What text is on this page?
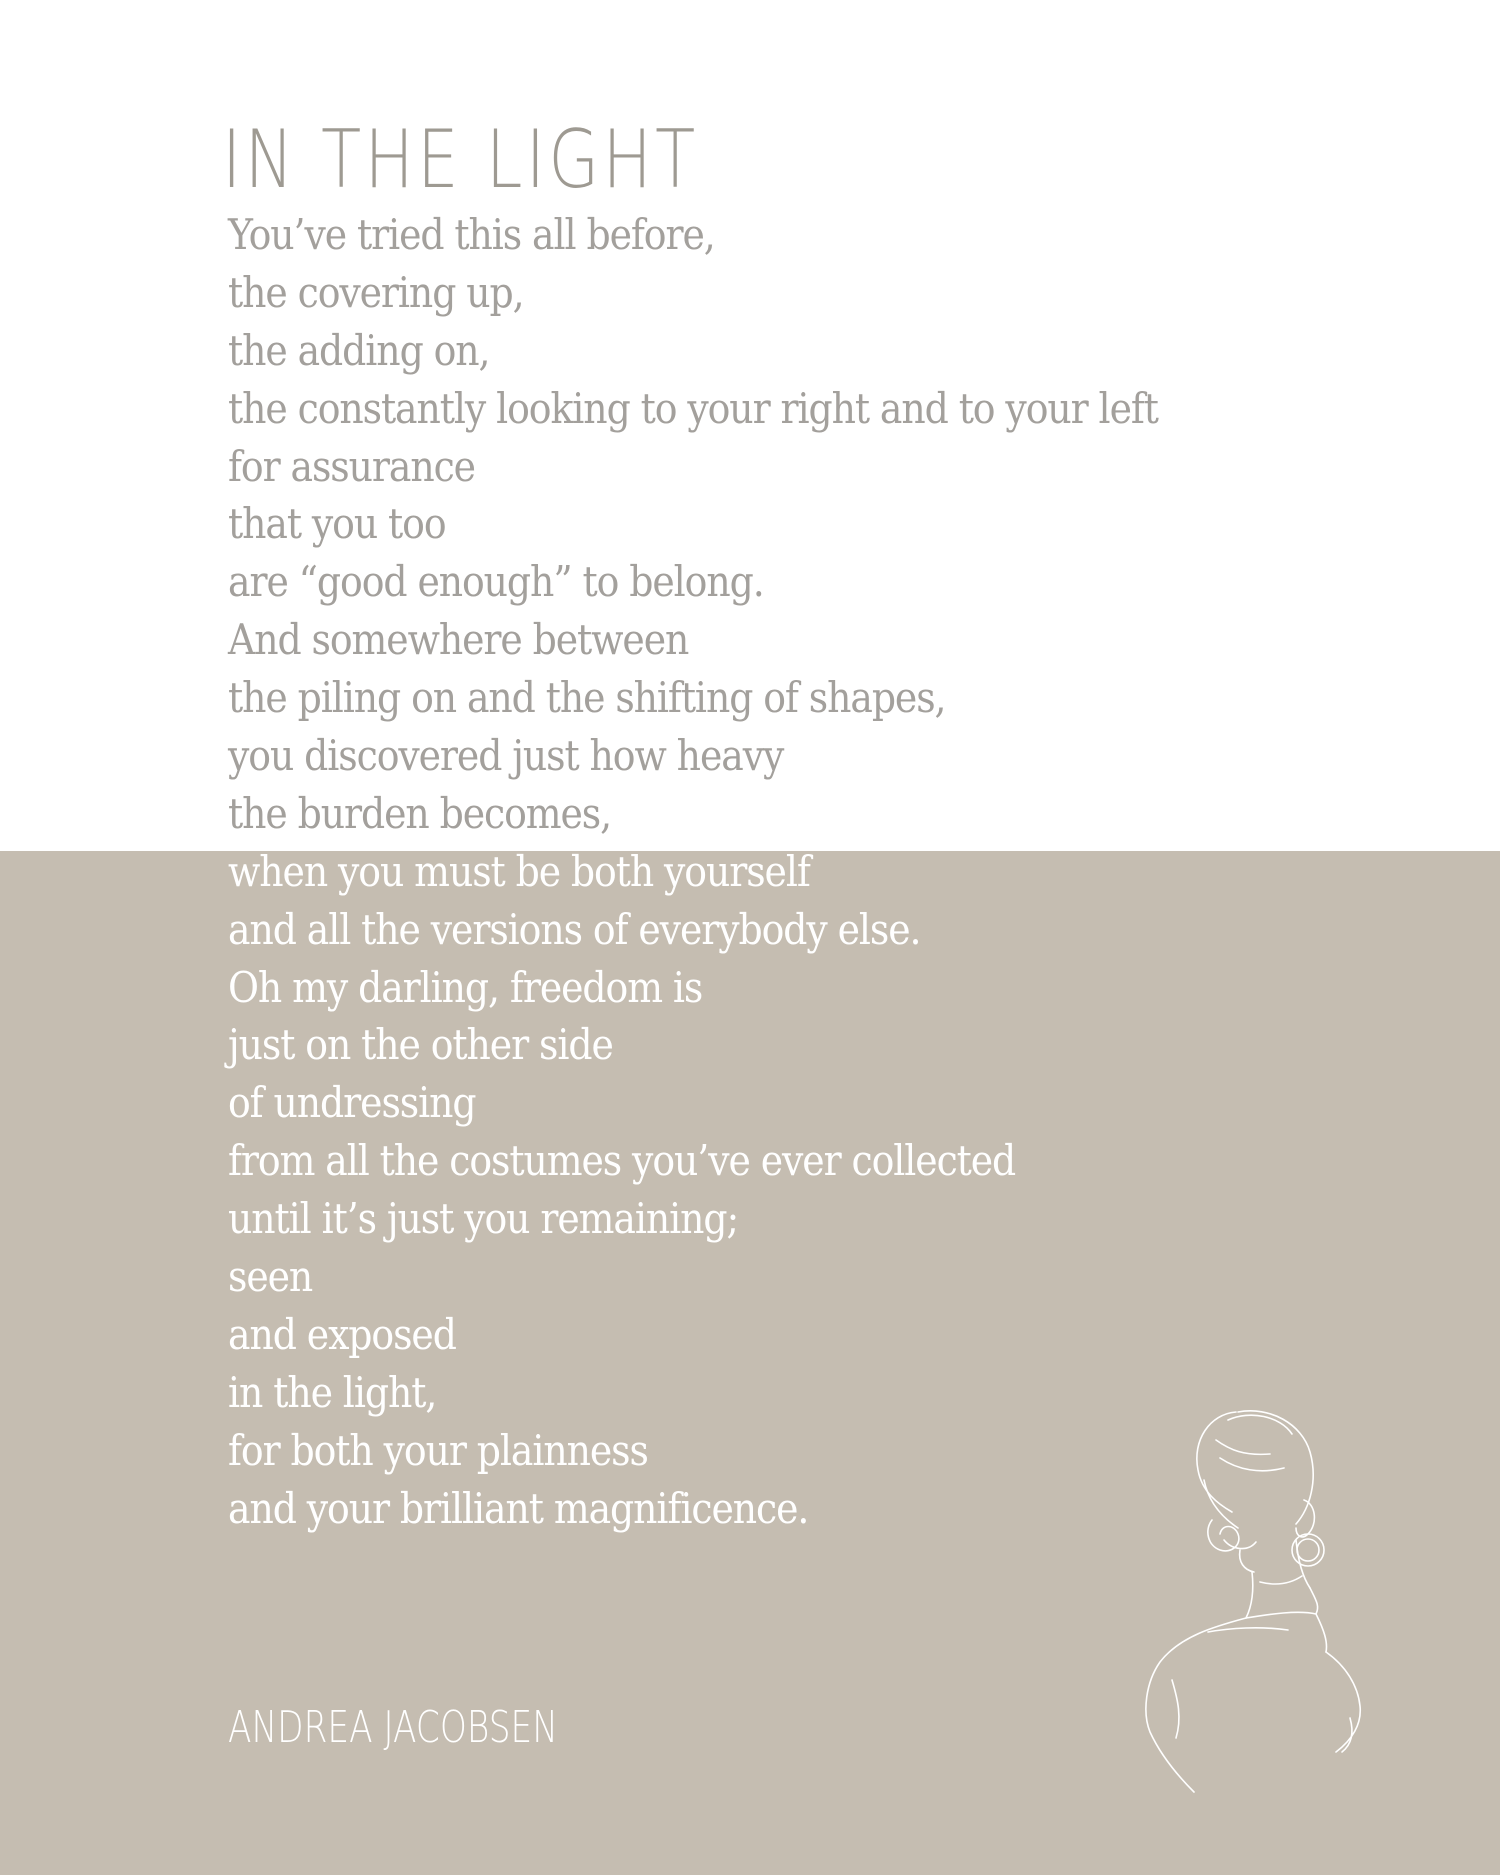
IN THE LIGHT
You’ve tried this all before,
the covering up,
the adding on,
the constantly looking to your right and to your left
for assurance
that you too
are “good enough” to belong.
And somewhere between
the piling on and the shifting of shapes,
you discovered just how heavy
the burden becomes,
when you must be both yourself
and all the versions of everybody else.
Oh my darling, freedom is
just on the other side
of undressing
from all the costumes you’ve ever collected
until it’s just you remaining;
seen
and exposed
in the light,
for both your plainness
and your brilliant magnificence.
ANDREA JACOBSEN
